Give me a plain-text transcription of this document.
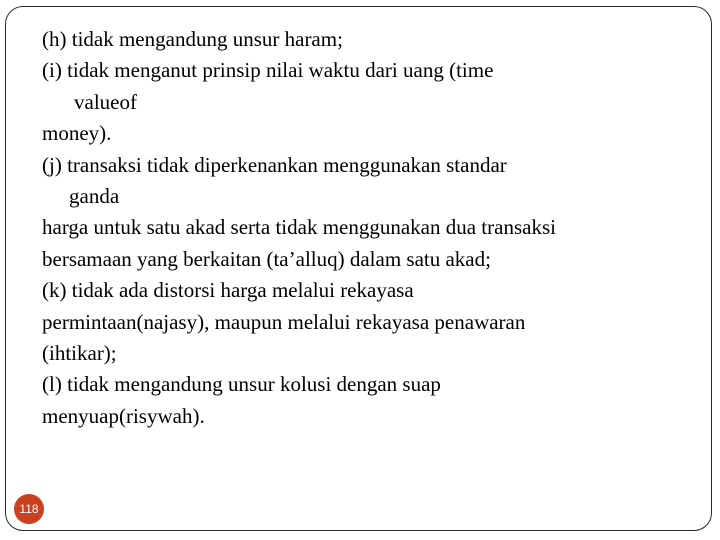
(h) tidak mengandung unsur haram;
(i) tidak menganut prinsip nilai waktu dari uang (time
valueof
money).
(j) transaksi tidak diperkenankan menggunakan standar
ganda
harga untuk satu akad serta tidak menggunakan dua transaksi
bersamaan yang berkaitan (ta’alluq) dalam satu akad;
(k) tidak ada distorsi harga melalui rekayasa
permintaan(najasy), maupun melalui rekayasa penawaran
(ihtikar);
(l) tidak mengandung unsur kolusi dengan suap
menyuap(risywah).
118
